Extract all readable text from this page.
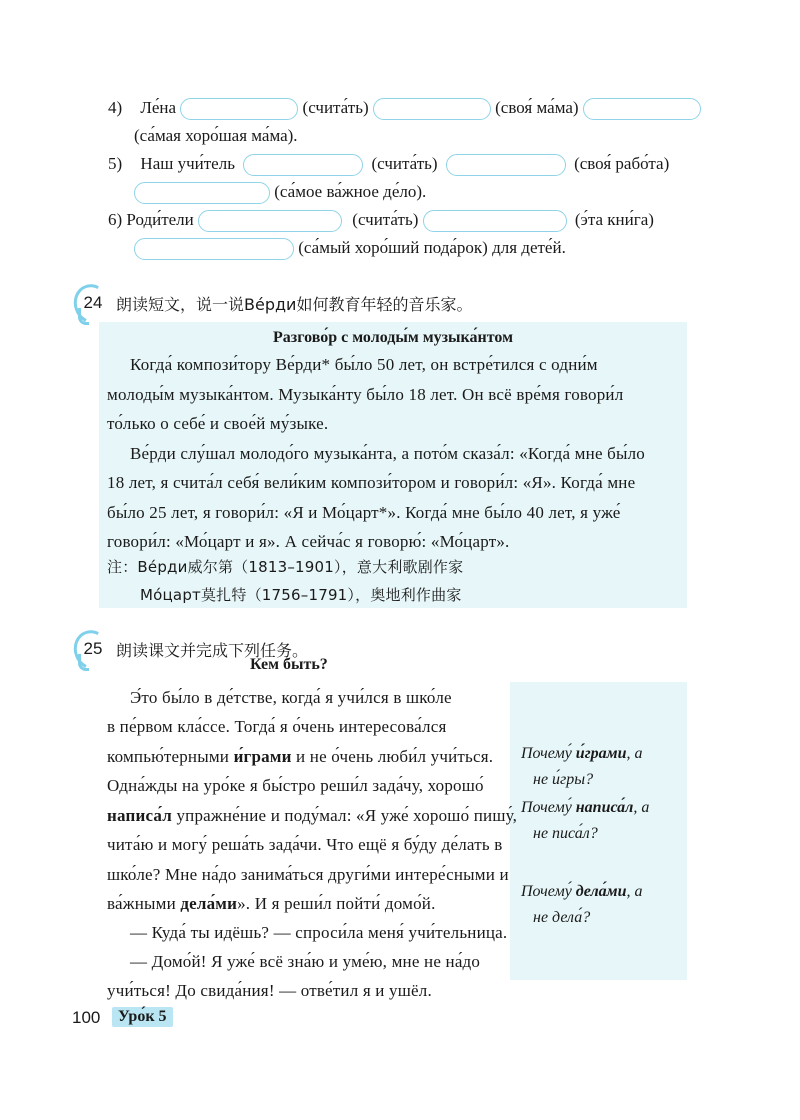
4) Ле́на	(счита́ть)	(своя́ ма́ма)
(са́мая хоро́шая ма́ма).
5) Наш учи́тель	(счита́ть)	(своя́ рабо́та)
(са́мое ва́жное де́ло).
6) Роди́тели	(счита́ть)	(э́та кни́га)
(са́мый хоро́ший пода́рок) для дете́й.
24 朗读短文，说一说Ве́рди如何教育年轻的音乐家。
Разгово́р с молоды́м музыка́нтом
Когда́ компози́тору Ве́рди* бы́ло 50 лет, он встре́тился с одни́м
молоды́м музыка́нтом. Музыка́нту бы́ло 18 лет. Он всё вре́мя говори́л
то́лько о себе́ и свое́й му́зыке.
Ве́рди слу́шал молодо́го музыка́нта, а пото́м сказа́л: «Когда́ мне бы́ло
18 лет, я счита́л себя́ вели́ким компози́тором и говори́л: «Я». Когда́ мне
бы́ло 25 лет, я говори́л: «Я и Мо́царт*». Когда́ мне бы́ло 40 лет, я уже́
говори́л: «Мо́царт и я». А сейча́с я говорю́: «Мо́царт».
注：Ве́рди威尔第（1813–1901），意大利歌剧作家
Мо́царт莫扎特（1756–1791），奥地利作曲家
25 朗读课文并完成下列任务。
Кем быть?
Э́то бы́ло в де́тстве, когда́ я учи́лся в шко́ле
в пе́рвом кла́ссе. Тогда́ я о́чень интересова́лся
компью́терными и́грами и не о́чень люби́л учи́ться.
Одна́жды на уро́ке я бы́стро реши́л зада́чу, хорошо́
написа́л упражне́ние и поду́мал: «Я уже́ хорошо́ пишу́,
чита́ю и могу́ реша́ть зада́чи. Что ещё я бу́ду де́лать в
шко́ле? Мне на́до занима́ться други́ми интере́сными и
ва́жными дела́ми». И я реши́л пойти́ домо́й.
— Куда́ ты идёшь? — спроси́ла меня́ учи́тельница.
— Домо́й! Я уже́ всё зна́ю и уме́ю, мне не на́до
учи́ться! До свида́ния! — отве́тил я и ушёл.
Почему́ и́грами, а
не и́гры?
Почему́ написа́л, а
не писа́л?
Почему́ дела́ми, а
не дела́?
100	Уро́к 5
